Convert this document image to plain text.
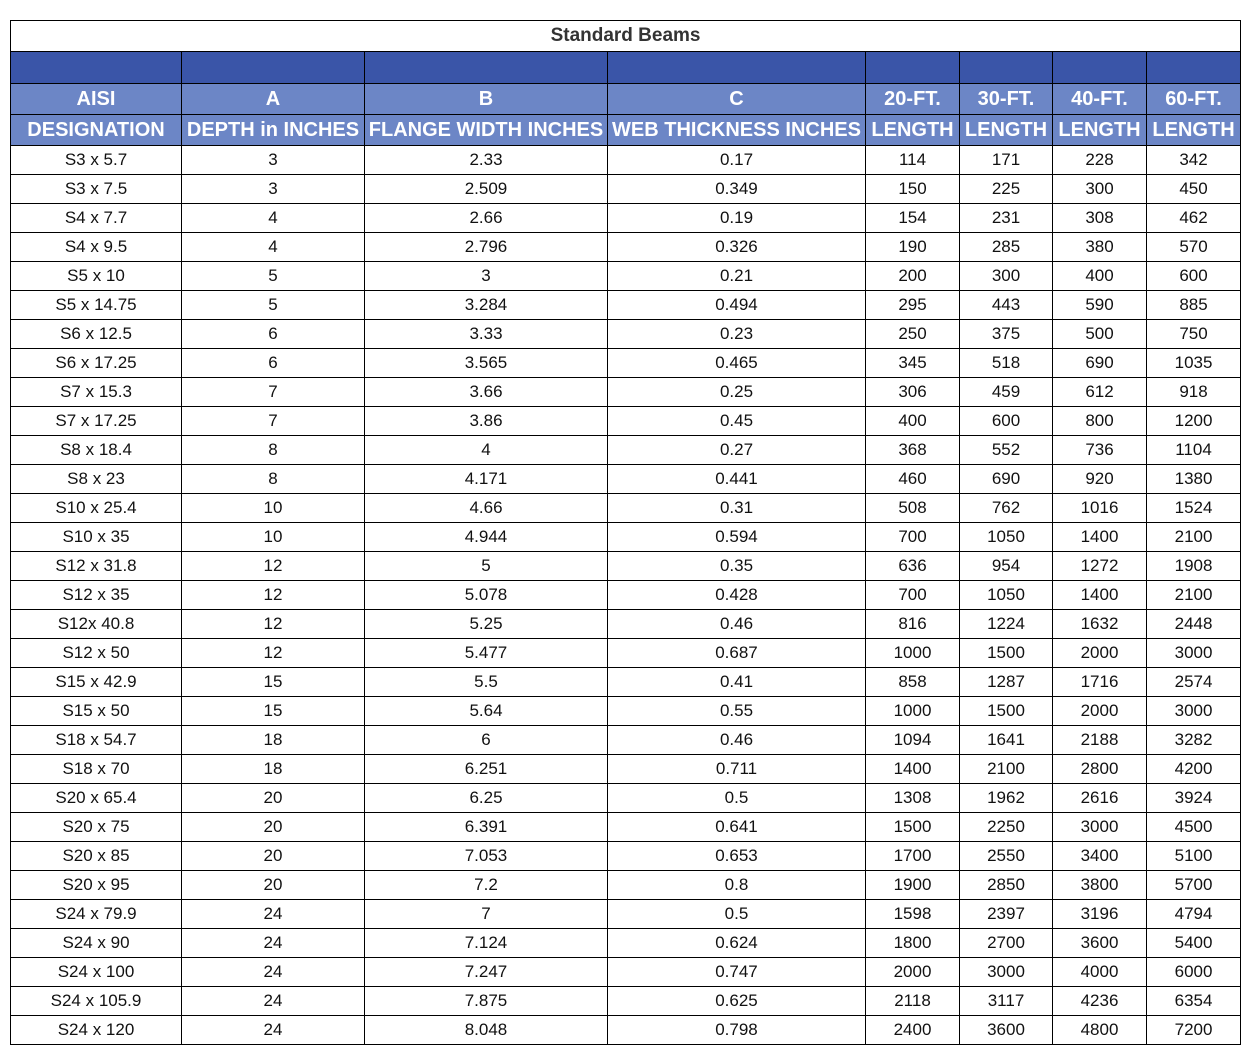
Standard Beams							

AISI	A	B	C	20-FT.	30-FT.	40-FT.	60-FT.
DESIGNATION	DEPTH in INCHES	FLANGE WIDTH INCHES	WEB THICKNESS INCHES	LENGTH	LENGTH	LENGTH	LENGTH
S3 x 5.7	3	2.33	0.17	114	171	228	342
S3 x 7.5	3	2.509	0.349	150	225	300	450
S4 x 7.7	4	2.66	0.19	154	231	308	462
S4 x 9.5	4	2.796	0.326	190	285	380	570
S5 x 10	5	3	0.21	200	300	400	600
S5 x 14.75	5	3.284	0.494	295	443	590	885
S6 x 12.5	6	3.33	0.23	250	375	500	750
S6 x 17.25	6	3.565	0.465	345	518	690	1035
S7 x 15.3	7	3.66	0.25	306	459	612	918
S7 x 17.25	7	3.86	0.45	400	600	800	1200
S8 x 18.4	8	4	0.27	368	552	736	1104
S8 x 23	8	4.171	0.441	460	690	920	1380
S10 x 25.4	10	4.66	0.31	508	762	1016	1524
S10 x 35	10	4.944	0.594	700	1050	1400	2100
S12 x 31.8	12	5	0.35	636	954	1272	1908
S12 x 35	12	5.078	0.428	700	1050	1400	2100
S12x 40.8	12	5.25	0.46	816	1224	1632	2448
S12 x 50	12	5.477	0.687	1000	1500	2000	3000
S15 x 42.9	15	5.5	0.41	858	1287	1716	2574
S15 x 50	15	5.64	0.55	1000	1500	2000	3000
S18 x 54.7	18	6	0.46	1094	1641	2188	3282
S18 x 70	18	6.251	0.711	1400	2100	2800	4200
S20 x 65.4	20	6.25	0.5	1308	1962	2616	3924
S20 x 75	20	6.391	0.641	1500	2250	3000	4500
S20 x 85	20	7.053	0.653	1700	2550	3400	5100
S20 x 95	20	7.2	0.8	1900	2850	3800	5700
S24 x 79.9	24	7	0.5	1598	2397	3196	4794
S24 x 90	24	7.124	0.624	1800	2700	3600	5400
S24 x 100	24	7.247	0.747	2000	3000	4000	6000
S24 x 105.9	24	7.875	0.625	2118	3117	4236	6354
S24 x 120	24	8.048	0.798	2400	3600	4800	7200
